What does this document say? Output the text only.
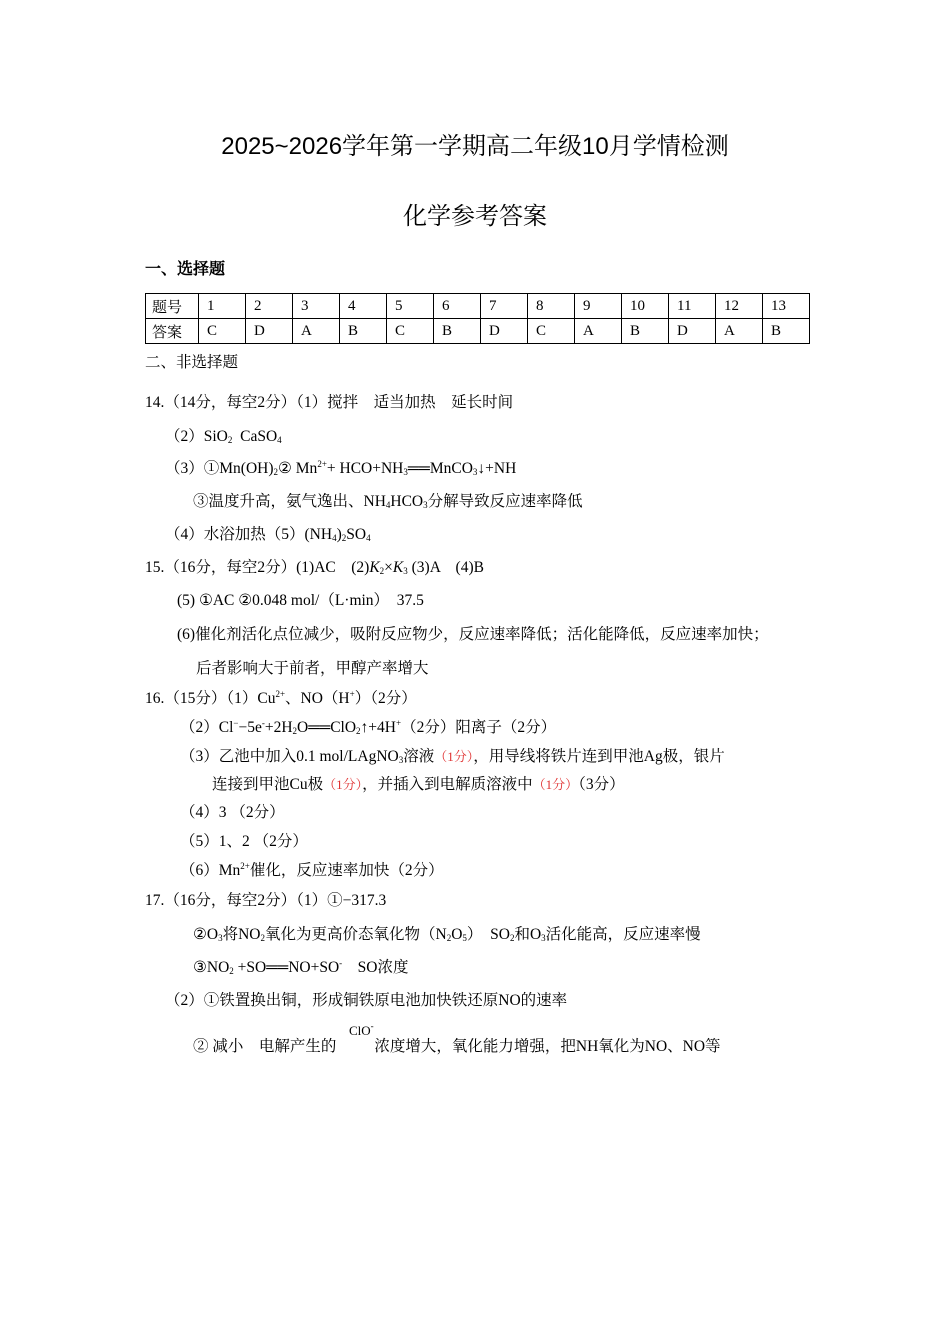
2025~2026学年第一学期高二年级10月学情检测
化学参考答案
一、选择题
题号	1	2	3	4	5	6	7	8	9	10	11	12	13
答案	C	D	A	B	C	B	D	C	A	B	D	A	B
二、非选择题
14.（14分，每空2分）（1）搅拌　适当加热　延长时间
（2）SiO$_2$ CaSO$_4$
$(3)①Mn(OH)_2②$ $Mn^{2+}+$ $HCO+NH_3══MnCO_3↓+NH$
③温度升高，氨气逸出、$NH_4HCO_3$分解导致反应速率降低
（4）水浴加热$(5)(NH_4)_2SO_4$
15.（16分，每空2分）(1)AC　$(2)K_2\times K_3$ (3)A　(4)B
(5) ①AC ②0.048 mol/（L·min）　37.5
(6)催化剂活化点位减少，吸附反应物少，反应速率降低；活化能降低，反应速率加快；
后者影响大于前者，甲醇产率增大
16.（15分）$(1)Cu^{2+}$、NO（H+）（2分）
$(2)Cl^--5e^-+2H_2O══ClO_2↑+4H^+(2$分）阳离子（2分）
（3）乙池中加入0.1 mol/LAgNO$_3$溶液（1分），用导线将铁片连到甲池Ag极，银片
连接到甲池Cu极（1分），并插入到电解质溶液中（1分）（3分）
（4）3 （2分）
（5）1、2 （2分）
$(6)Mn^{2+}$催化，反应速率加快（2分）
17.（16分，每空2分）（1）①−317.3
$②O_3$将$NO_2$氧化为更高价态氧化物$(N_2O_5)$　$SO_2$和$O_3$活化能高，反应速率慢
$③NO_2$ +SO══NO+SO-　SO浓度
（2）①铁置换出铜，形成铜铁原电池加快铁还原NO的速率
ClO-
② 减小　电解产生的 浓度增大，氧化能力增强，把NH氧化为NO、NO等
